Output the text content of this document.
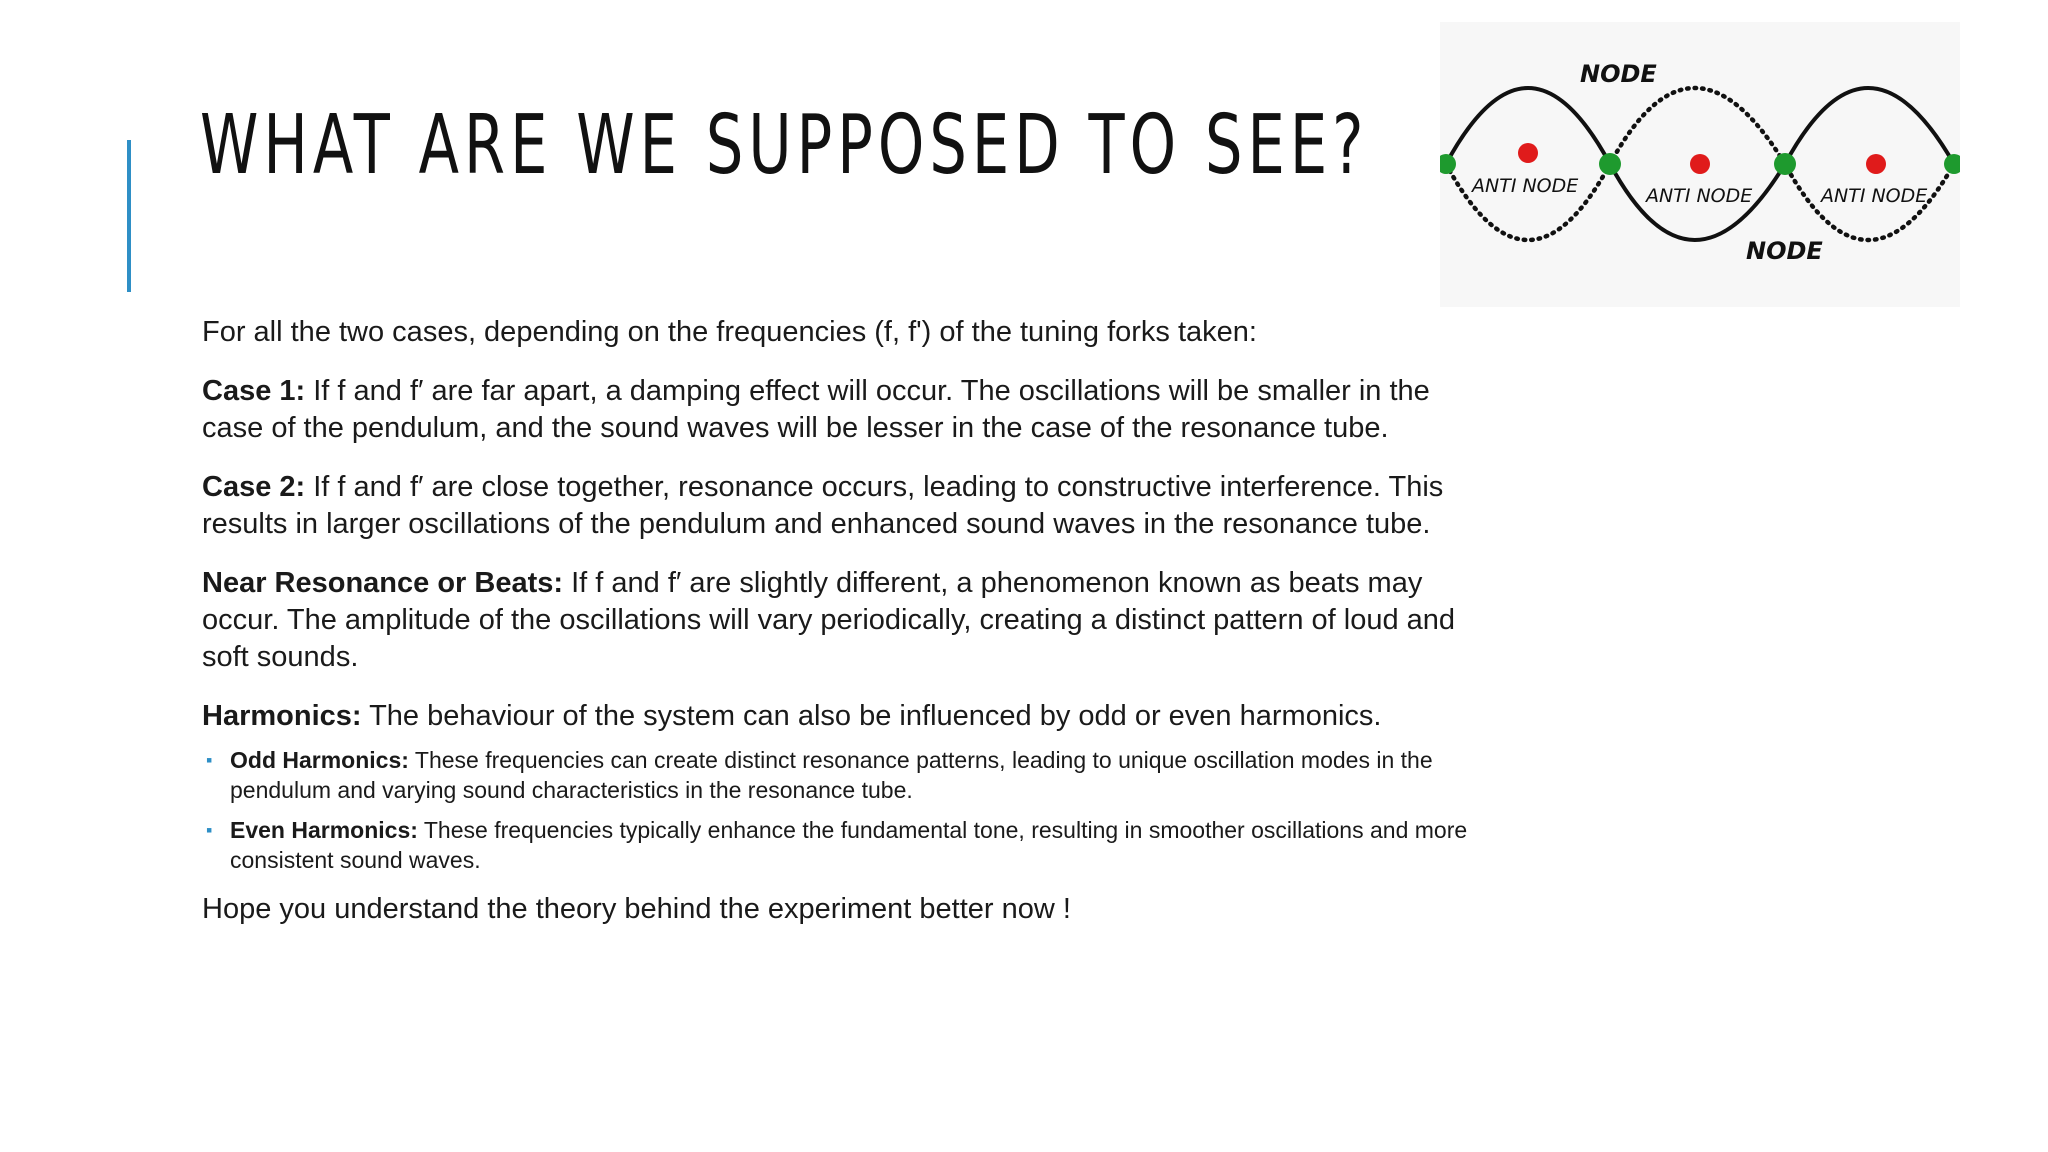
WHAT ARE WE SUPPOSED TO SEE?
NODE
NODE
ANTI NODE	ANTI NODE	ANTI NODE

For all the two cases, depending on the frequencies (f, f') of the tuning forks taken:

Case 1: If f and f′ are far apart, a damping effect will occur. The oscillations will be smaller in the case of the pendulum, and the sound waves will be lesser in the case of the resonance tube.

Case 2: If f and f′ are close together, resonance occurs, leading to constructive interference. This results in larger oscillations of the pendulum and enhanced sound waves in the resonance tube.

Near Resonance or Beats: If f and f′ are slightly different, a phenomenon known as beats may occur. The amplitude of the oscillations will vary periodically, creating a distinct pattern of loud and soft sounds.

Harmonics: The behaviour of the system can also be influenced by odd or even harmonics.

▪ Odd Harmonics: These frequencies can create distinct resonance patterns, leading to unique oscillation modes in the pendulum and varying sound characteristics in the resonance tube.
▪ Even Harmonics: These frequencies typically enhance the fundamental tone, resulting in smoother oscillations and more consistent sound waves.

Hope you understand the theory behind the experiment better now !
